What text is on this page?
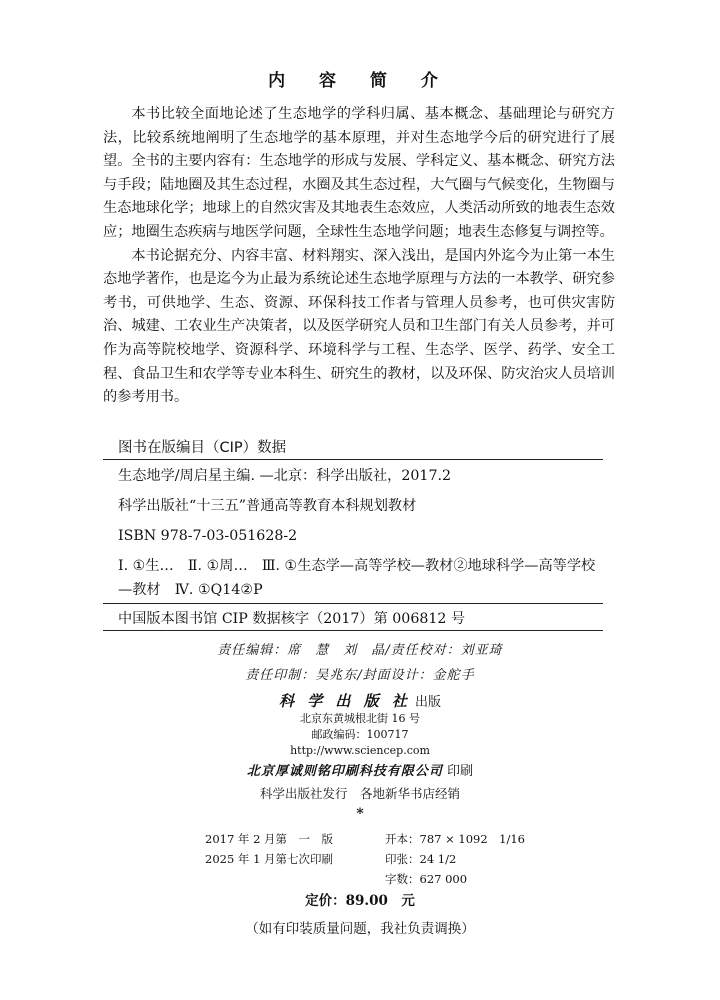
内 容 简 介

本书比较全面地论述了生态地学的学科归属、基本概念、基础理论与研究方法，比较系统地阐明了生态地学的基本原理，并对生态地学今后的研究进行了展望。全书的主要内容有：生态地学的形成与发展、学科定义、基本概念、研究方法与手段；陆地圈及其生态过程，水圈及其生态过程，大气圈与气候变化，生物圈与生态地球化学；地球上的自然灾害及其地表生态效应，人类活动所致的地表生态效应；地圈生态疾病与地医学问题，全球性生态地学问题；地表生态修复与调控等。

本书论据充分、内容丰富、材料翔实、深入浅出，是国内外迄今为止第一本生态地学著作，也是迄今为止最为系统论述生态地学原理与方法的一本教学、研究参考书，可供地学、生态、资源、环保科技工作者与管理人员参考，也可供灾害防治、城建、工农业生产决策者，以及医学研究人员和卫生部门有关人员参考，并可作为高等院校地学、资源科学、环境科学与工程、生态学、医学、药学、安全工程、食品卫生和农学等专业本科生、研究生的教材，以及环保、防灾治灾人员培训的参考用书。

图书在版编目（CIP）数据

生态地学/周启星主编. —北京：科学出版社，2017.2

科学出版社“十三五”普通高等教育本科规划教材

ISBN 978-7-03-051628-2

Ⅰ. ①生…　Ⅱ. ①周…　Ⅲ. ①生态学—高等学校—教材②地球科学—高等学校—教材　Ⅳ. ①Q14②P

中国版本图书馆 CIP 数据核字（2017）第 006812 号
责任编辑：席　慧　刘　晶/责任校对：刘亚琦
责任印制：吴兆东/封面设计：金舵手
科 学 出 版 社 出版
北京东黄城根北街 16 号
邮政编码：100717
http://www.sciencep.com
北京厚诚则铭印刷科技有限公司 印刷
科学出版社发行　各地新华书店经销
*
2017 年 2 月第　一　版	开本：787 × 1092　1/16
2025 年 1 月第七次印刷	印张：24 1/2
字数：627 000
定价：89.00　元
（如有印装质量问题，我社负责调换）
